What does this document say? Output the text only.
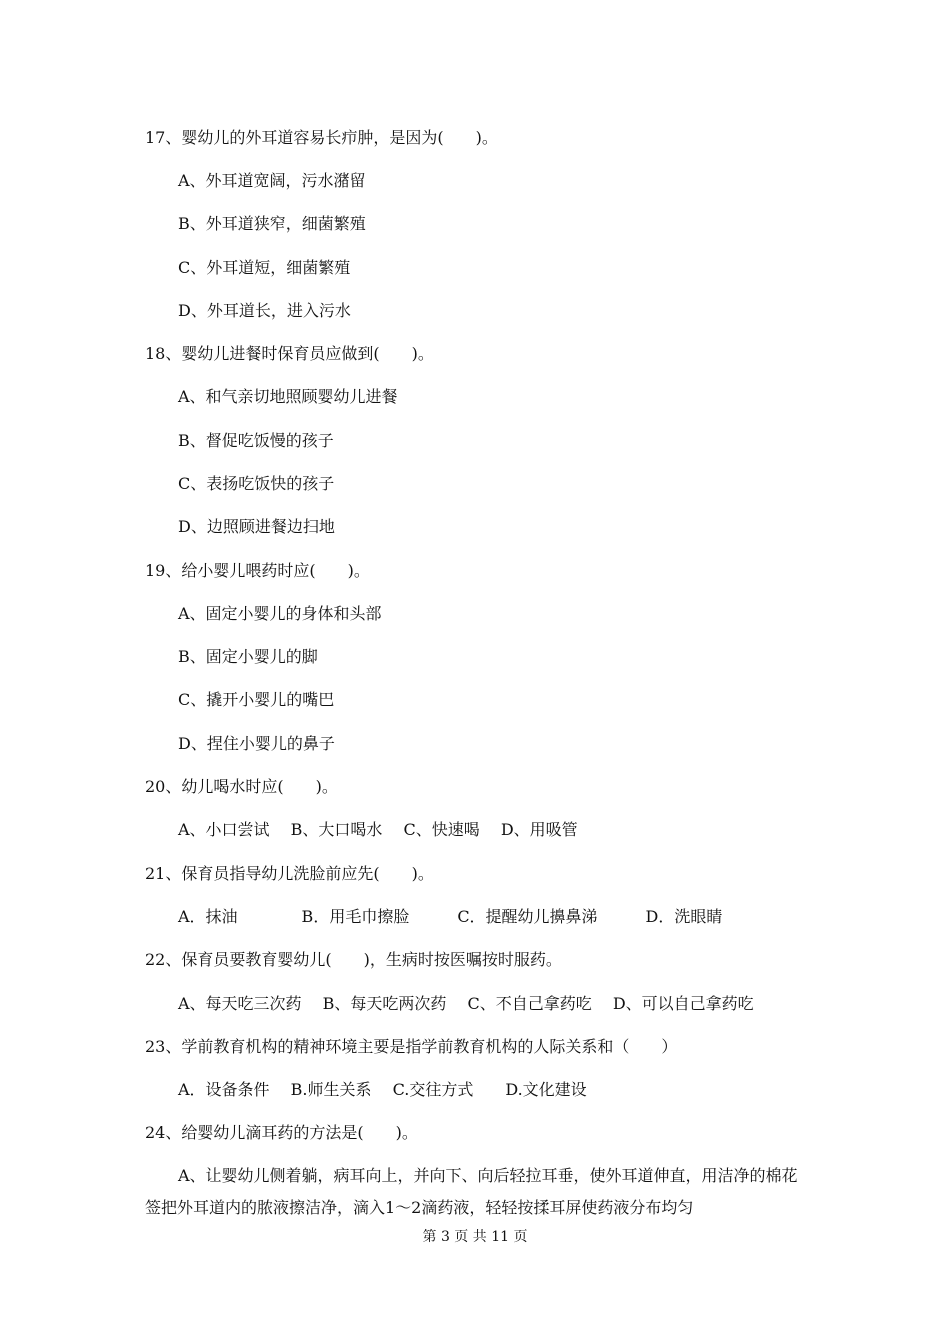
17、婴幼儿的外耳道容易长疖肿，是因为(　　)。
A、外耳道宽阔，污水潴留
B、外耳道狭窄，细菌繁殖
C、外耳道短，细菌繁殖
D、外耳道长，进入污水
18、婴幼儿进餐时保育员应做到(　　)。
A、和气亲切地照顾婴幼儿进餐
B、督促吃饭慢的孩子
C、表扬吃饭快的孩子
D、边照顾进餐边扫地
19、给小婴儿喂药时应(　　)。
A、固定小婴儿的身体和头部
B、固定小婴儿的脚
C、撬开小婴儿的嘴巴
D、捏住小婴儿的鼻子
20、幼儿喝水时应(　　)。
A、小口尝试　 B、大口喝水　 C、快速喝　 D、用吸管
21、保育员指导幼儿洗脸前应先(　　)。
A．抹油　　　　B．用毛巾擦脸　　　C．提醒幼儿擤鼻涕　　　D．洗眼睛
22、保育员要教育婴幼儿(　　)，生病时按医嘱按时服药。
A、每天吃三次药　 B、每天吃两次药　 C、不自己拿药吃　 D、可以自己拿药吃
23、学前教育机构的精神环境主要是指学前教育机构的人际关系和（　　）
A．设备条件　 B.师生关系　 C.交往方式　　D.文化建设
24、给婴幼儿滴耳药的方法是(　　)。
A、让婴幼儿侧着躺，病耳向上，并向下、向后轻拉耳垂，使外耳道伸直，用洁净的棉花签把外耳道内的脓液擦洁净，滴入1～2滴药液，轻轻按揉耳屏使药液分布均匀
第 3 页 共 11 页
